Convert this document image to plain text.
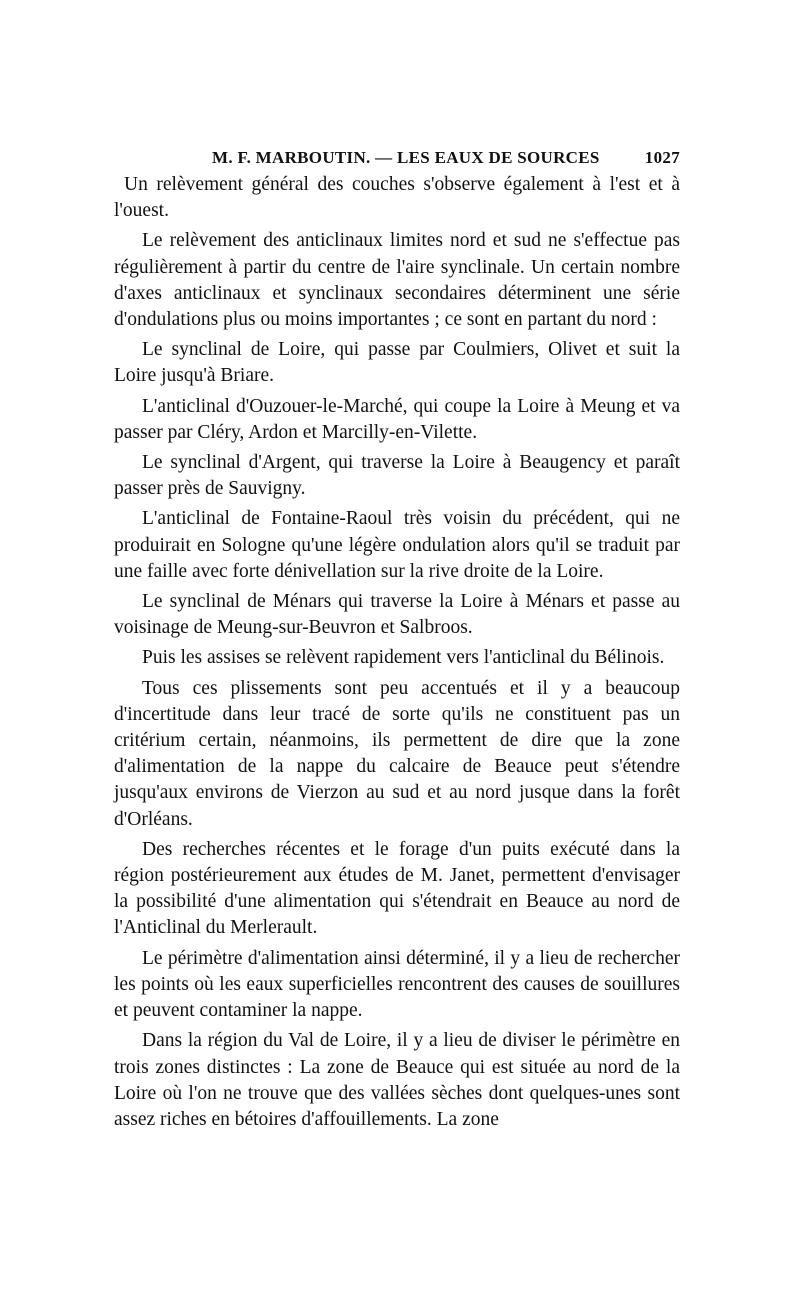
M. F. MARBOUTIN. — LES EAUX DE SOURCES	1027

Un relèvement général des couches s'observe également à l'est et à l'ouest.

Le relèvement des anticlinaux limites nord et sud ne s'effectue pas régulièrement à partir du centre de l'aire synclinale. Un certain nombre d'axes anticlinaux et synclinaux secondaires déterminent une série d'ondulations plus ou moins importantes ; ce sont en partant du nord :

Le synclinal de Loire, qui passe par Coulmiers, Olivet et suit la Loire jusqu'à Briare.

L'anticlinal d'Ouzouer-le-Marché, qui coupe la Loire à Meung et va passer par Cléry, Ardon et Marcilly-en-Vilette.

Le synclinal d'Argent, qui traverse la Loire à Beaugency et paraît passer près de Sauvigny.

L'anticlinal de Fontaine-Raoul très voisin du précédent, qui ne produirait en Sologne qu'une légère ondulation alors qu'il se traduit par une faille avec forte dénivellation sur la rive droite de la Loire.

Le synclinal de Ménars qui traverse la Loire à Ménars et passe au voisinage de Meung-sur-Beuvron et Salbroos.

Puis les assises se relèvent rapidement vers l'anticlinal du Bélinois.

Tous ces plissements sont peu accentués et il y a beaucoup d'incertitude dans leur tracé de sorte qu'ils ne constituent pas un critérium certain, néanmoins, ils permettent de dire que la zone d'alimentation de la nappe du calcaire de Beauce peut s'étendre jusqu'aux environs de Vierzon au sud et au nord jusque dans la forêt d'Orléans.

Des recherches récentes et le forage d'un puits exécuté dans la région postérieurement aux études de M. Janet, permettent d'envisager la possibilité d'une alimentation qui s'étendrait en Beauce au nord de l'Anticlinal du Merlerault.

Le périmètre d'alimentation ainsi déterminé, il y a lieu de rechercher les points où les eaux superficielles rencontrent des causes de souillures et peuvent contaminer la nappe.

Dans la région du Val de Loire, il y a lieu de diviser le périmètre en trois zones distinctes : La zone de Beauce qui est située au nord de la Loire où l'on ne trouve que des vallées sèches dont quelques-unes sont assez riches en bétoires d'affouillements. La zone
